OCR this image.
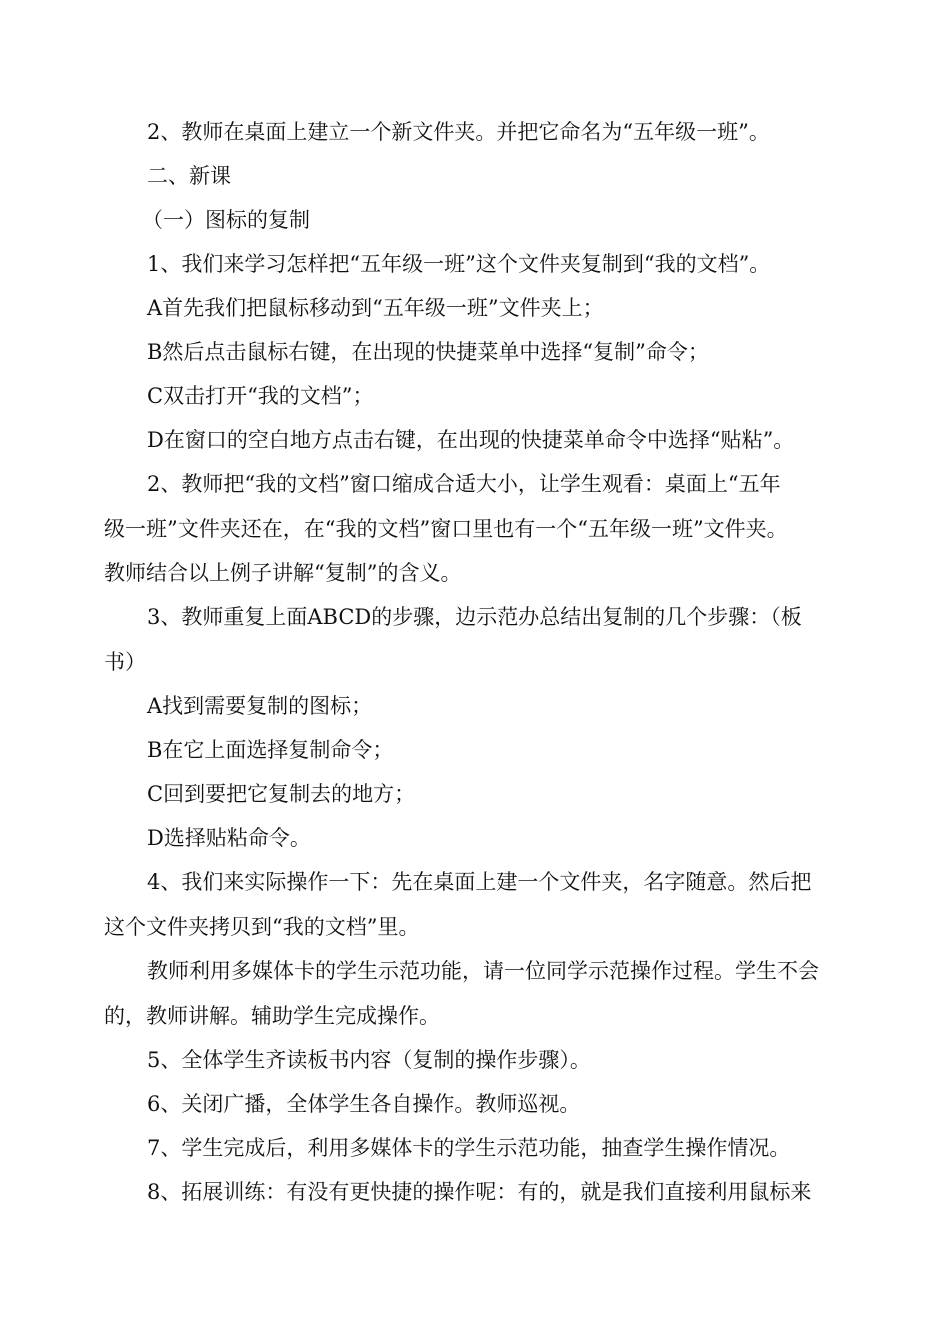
2、教师在桌面上建立一个新文件夹。并把它命名为“五年级一班”。
二、新课
（一）图标的复制
1、我们来学习怎样把“五年级一班”这个文件夹复制到“我的文档”。
A首先我们把鼠标移动到“五年级一班”文件夹上；
B然后点击鼠标右键，在出现的快捷菜单中选择“复制”命令；
C双击打开“我的文档”；
D在窗口的空白地方点击右键，在出现的快捷菜单命令中选择“贴粘”。
2、教师把“我的文档”窗口缩成合适大小，让学生观看：桌面上“五年
级一班”文件夹还在，在“我的文档”窗口里也有一个“五年级一班”文件夹。
教师结合以上例子讲解“复制”的含义。
3、教师重复上面ABCD的步骤，边示范办总结出复制的几个步骤：（板
书）
A找到需要复制的图标；
B在它上面选择复制命令；
C回到要把它复制去的地方；
D选择贴粘命令。
4、我们来实际操作一下：先在桌面上建一个文件夹，名字随意。然后把
这个文件夹拷贝到“我的文档”里。
教师利用多媒体卡的学生示范功能，请一位同学示范操作过程。学生不会
的，教师讲解。辅助学生完成操作。
5、全体学生齐读板书内容（复制的操作步骤）。
6、关闭广播，全体学生各自操作。教师巡视。
7、学生完成后，利用多媒体卡的学生示范功能，抽查学生操作情况。
8、拓展训练：有没有更快捷的操作呢：有的，就是我们直接利用鼠标来
